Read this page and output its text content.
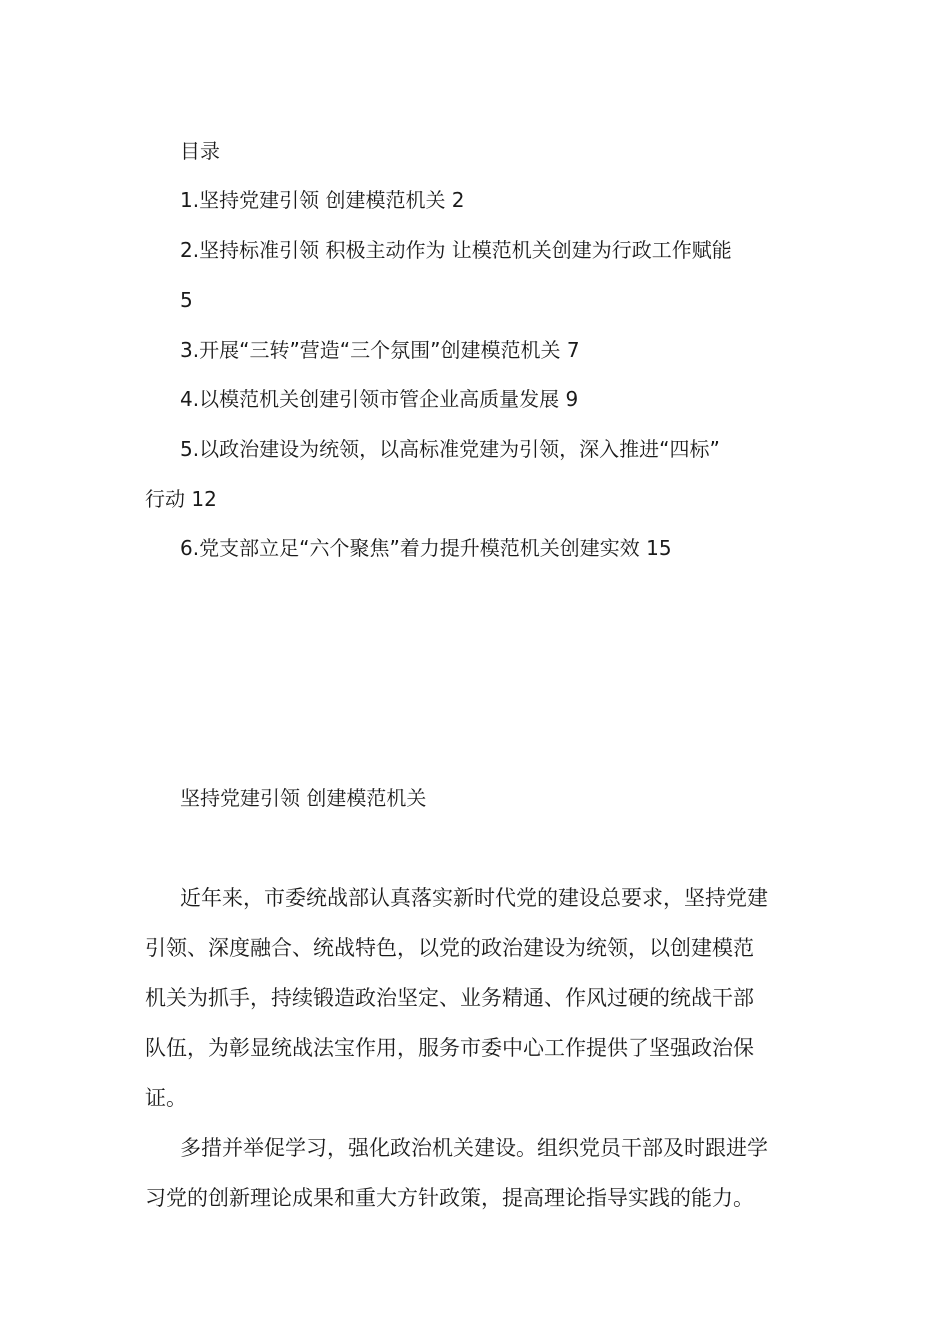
目录
1.坚持党建引领 创建模范机关 2
2.坚持标准引领 积极主动作为 让模范机关创建为行政工作赋能
5
3.开展“三转”营造“三个氛围”创建模范机关 7
4.以模范机关创建引领市管企业高质量发展 9
5.以政治建设为统领，以高标准党建为引领，深入推进“四标”
行动 12
6.党支部立足“六个聚焦”着力提升模范机关创建实效 15
坚持党建引领 创建模范机关
近年来，市委统战部认真落实新时代党的建设总要求，坚持党建
引领、深度融合、统战特色，以党的政治建设为统领，以创建模范
机关为抓手，持续锻造政治坚定、业务精通、作风过硬的统战干部
队伍，为彰显统战法宝作用，服务市委中心工作提供了坚强政治保
证。
多措并举促学习，强化政治机关建设。组织党员干部及时跟进学
习党的创新理论成果和重大方针政策，提高理论指导实践的能力。
